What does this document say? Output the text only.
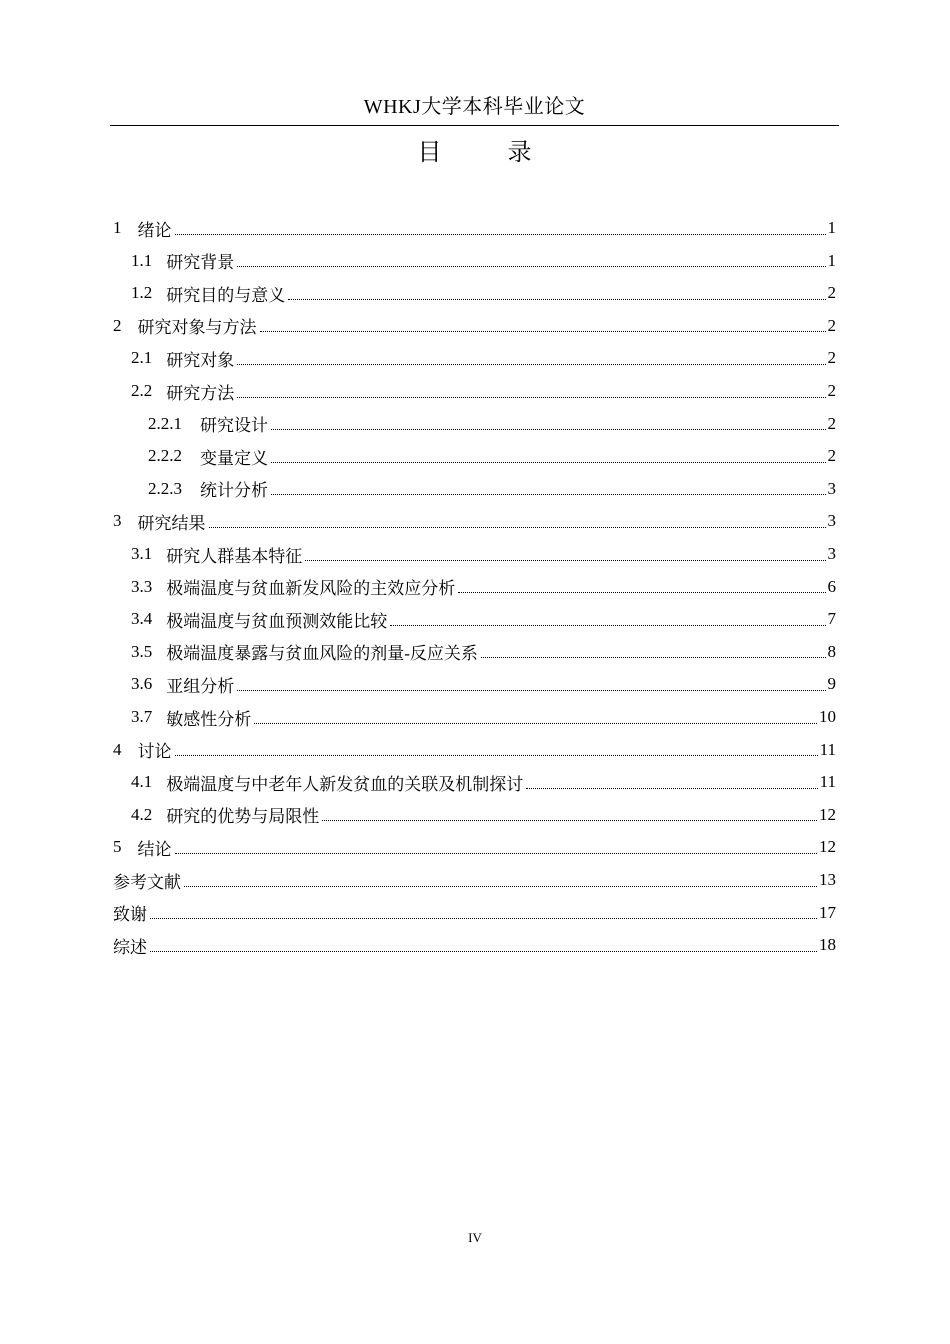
WHKJ大学本科毕业论文
目 录
1 绪论	1
1.1 研究背景	1
1.2 研究目的与意义	2
2 研究对象与方法	2
2.1 研究对象	2
2.2 研究方法	2
2.2.1 研究设计	2
2.2.2 变量定义	2
2.2.3 统计分析	3
3 研究结果	3
3.1 研究人群基本特征	3
3.3 极端温度与贫血新发风险的主效应分析	6
3.4 极端温度与贫血预测效能比较	7
3.5 极端温度暴露与贫血风险的剂量-反应关系	8
3.6 亚组分析	9
3.7 敏感性分析	10
4 讨论	11
4.1 极端温度与中老年人新发贫血的关联及机制探讨	11
4.2 研究的优势与局限性	12
5 结论	12
参考文献	13
致谢	17
综述	18
IV
